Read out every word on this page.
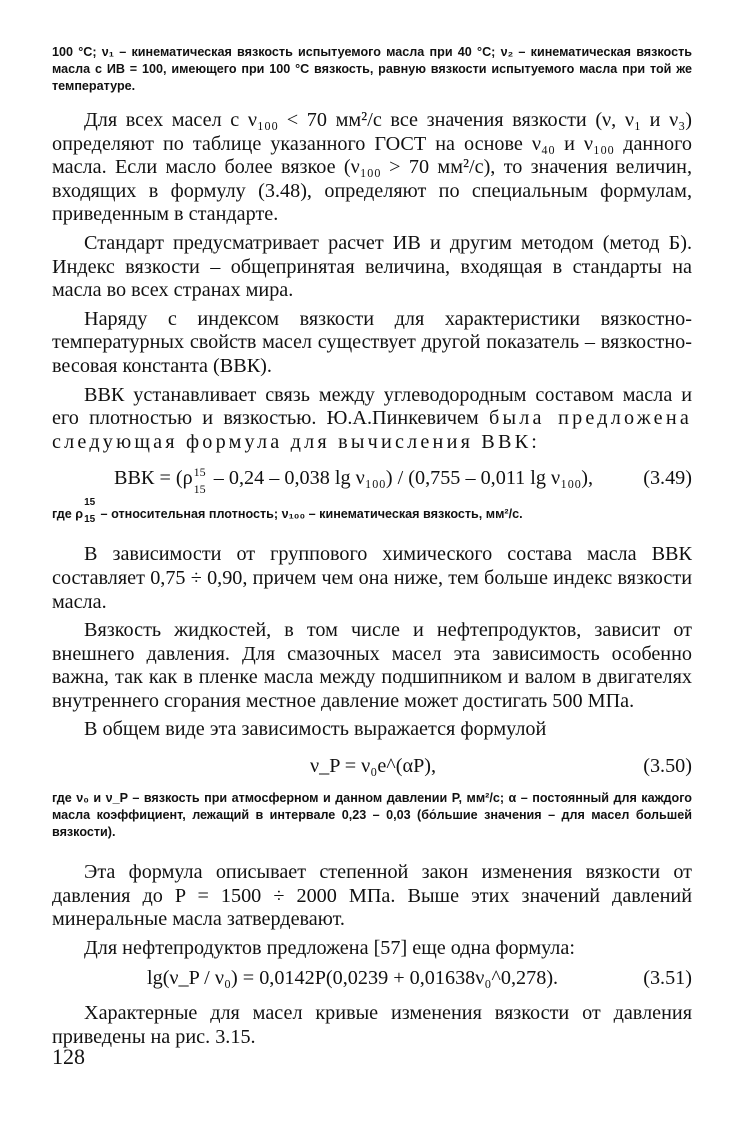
100 °C; ν₁ – кинематическая вязкость испытуемого масла при 40 °C; ν₂ – кинематическая вязкость масла с ИВ = 100, имеющего при 100 °C вязкость, равную вязкости испытуемого масла при той же температуре.

Для всех масел с ν₁₀₀ < 70 мм²/с все значения вязкости (ν, ν₁ и ν₃) определяют по таблице указанного ГОСТ на основе ν₄₀ и ν₁₀₀ данного масла. Если масло более вязкое (ν₁₀₀ > 70 мм²/с), то значения величин, входящих в формулу (3.48), определяют по специальным формулам, приведенным в стандарте.

Стандарт предусматривает расчет ИВ и другим методом (метод Б). Индекс вязкости – общепринятая величина, входящая в стандарты на масла во всех странах мира.

Наряду с индексом вязкости для характеристики вязкостно-температурных свойств масел существует другой показатель – вязкостно-весовая константа (ВВК).

ВВК устанавливает связь между углеводородным составом масла и его плотностью и вязкостью. Ю.А.Пинкевичем была предложена следующая формула для вычисления ВВК:

ВВК = (ρ 15
15 – 0,24 – 0,038 lg ν₁₀₀) / (0,755 – 0,011 lg ν₁₀₀), (3.49)

где ρ
15
15 – относительная плотность; ν₁₀₀ – кинематическая вязкость, мм²/с.

В зависимости от группового химического состава масла ВВК составляет 0,75 ÷ 0,90, причем чем она ниже, тем больше индекс вязкости масла.

Вязкость жидкостей, в том числе и нефтепродуктов, зависит от внешнего давления. Для смазочных масел эта зависимость особенно важна, так как в пленке масла между подшипником и валом в двигателях внутреннего сгорания местное давление может достигать 500 МПа.

В общем виде эта зависимость выражается формулой

ν_P = ν₀e^(αP),	(3.50)

где ν₀ и ν_P – вязкость при атмосферном и данном давлении P, мм²/с; α – постоянный для каждого масла коэффициент, лежащий в интервале 0,23 – 0,03 (бо́льшие значения – для масел большей вязкости).

Эта формула описывает степенной закон изменения вязкости от давления до P = 1500 ÷ 2000 МПа. Выше этих значений давлений минеральные масла затвердевают.

Для нефтепродуктов предложена [57] еще одна формула:

lg(ν_P / ν₀) = 0,0142P(0,0239 + 0,01638ν₀^0,278).	(3.51)

Характерные для масел кривые изменения вязкости от давления приведены на рис. 3.15.

128
